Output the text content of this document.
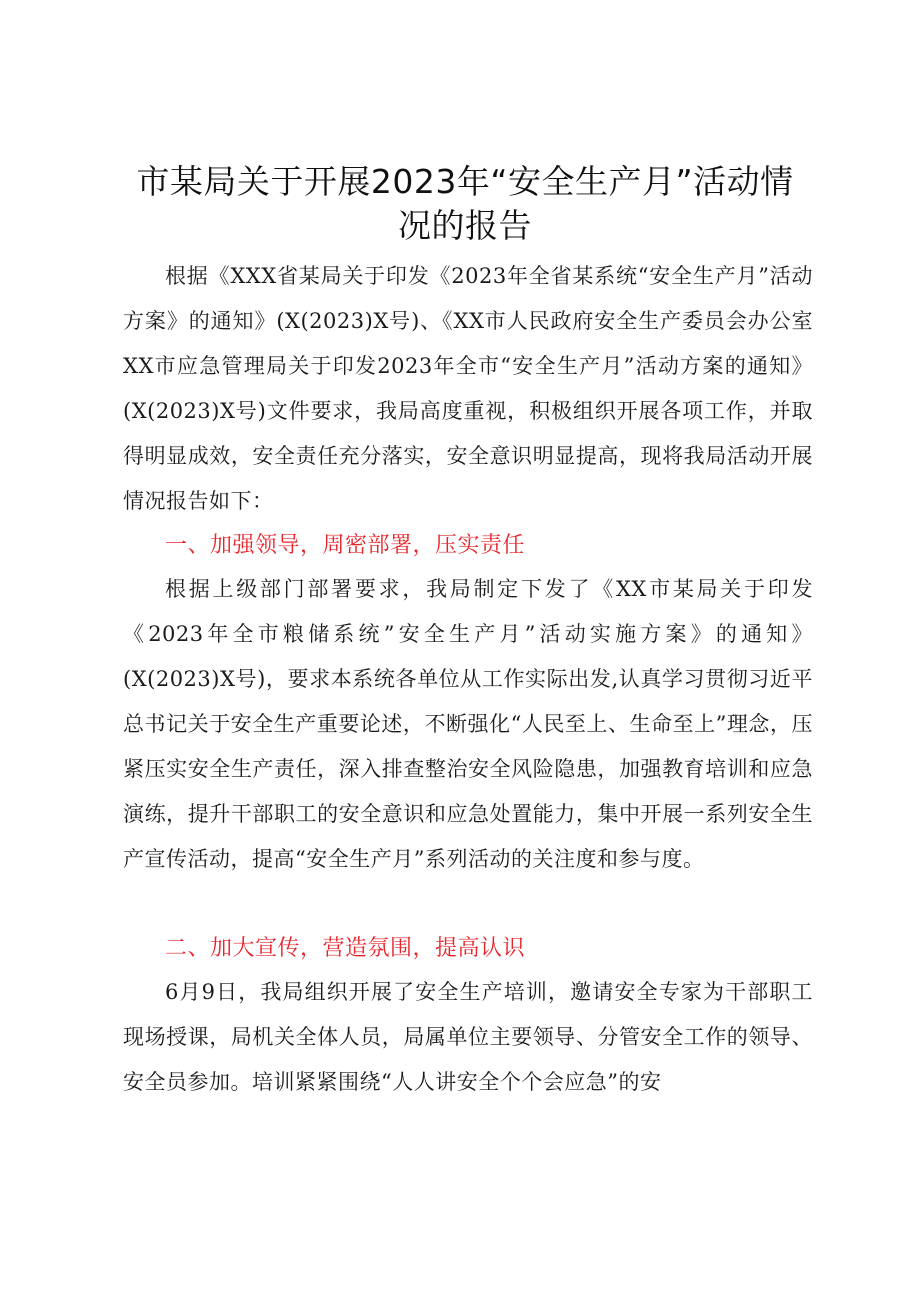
市某局关于开展2023年“安全生产月”活动情况的报告
根据《XXX省某局关于印发《2023年全省某系统“安全生产月”活动方案》的通知》(X(2023)X号)、《XX市人民政府安全生产委员会办公室XX市应急管理局关于印发2023年全市“安全生产月”活动方案的通知》(X(2023)X号)文件要求，我局高度重视，积极组织开展各项工作，并取得明显成效，安全责任充分落实，安全意识明显提高，现将我局活动开展情况报告如下：
一、加强领导，周密部署，压实责任
根据上级部门部署要求，我局制定下发了《XX市某局关于印发《2023年全市粮储系统”安全生产月”活动实施方案》的通知》(X(2023)X号)，要求本系统各单位从工作实际出发,认真学习贯彻习近平总书记关于安全生产重要论述，不断强化“人民至上、生命至上”理念，压紧压实安全生产责任，深入排查整治安全风险隐患，加强教育培训和应急演练，提升干部职工的安全意识和应急处置能力，集中开展一系列安全生产宣传活动，提高“安全生产月”系列活动的关注度和参与度。
二、加大宣传，营造氛围，提高认识
6月9日，我局组织开展了安全生产培训，邀请安全专家为干部职工现场授课，局机关全体人员，局属单位主要领导、分管安全工作的领导、安全员参加。培训紧紧围绕“人人讲安全个个会应急”的安
